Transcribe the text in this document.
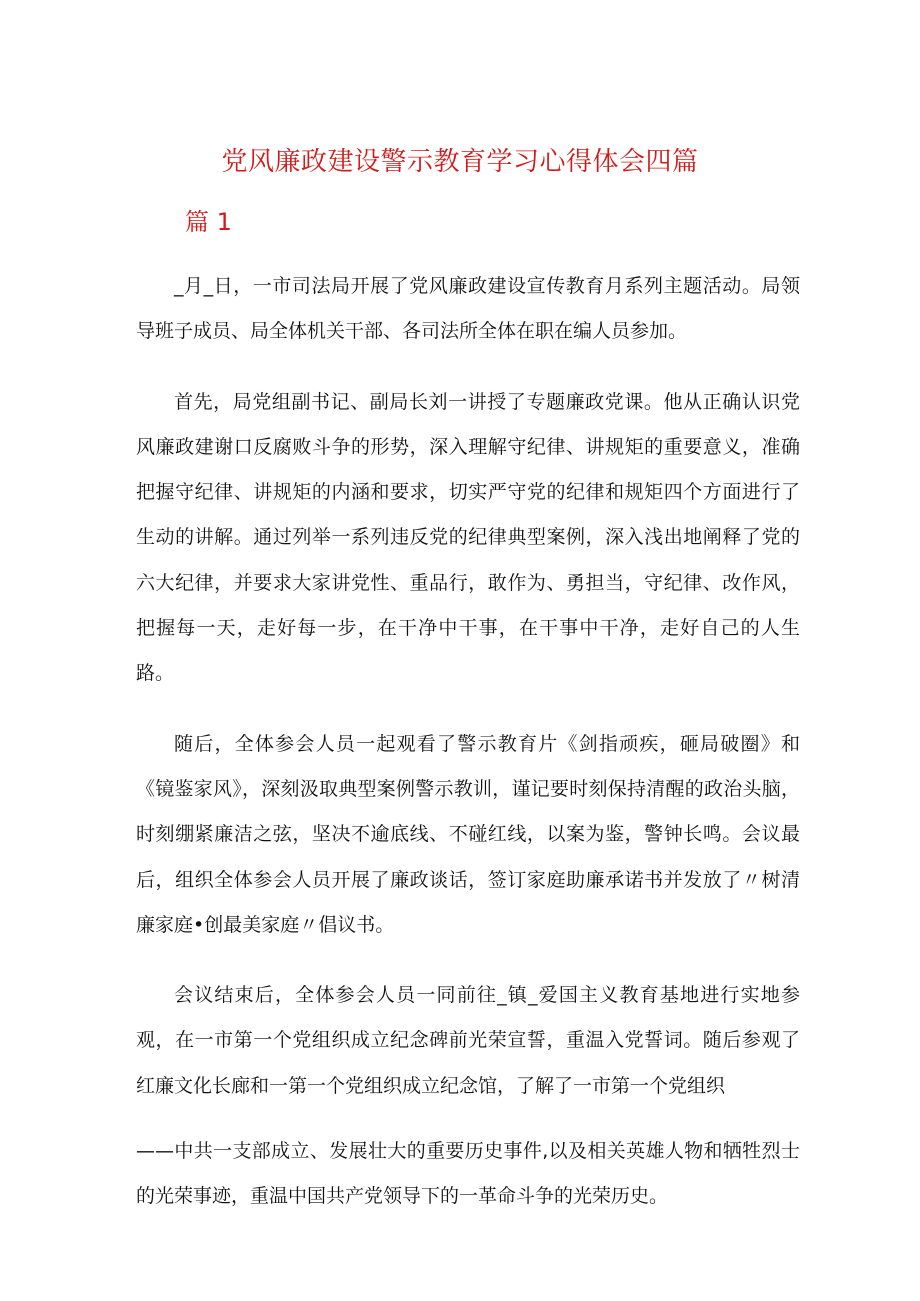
党风廉政建设警示教育学习心得体会四篇
篇 1

_月_日，一市司法局开展了党风廉政建设宣传教育月系列主题活动。局领导班子成员、局全体机关干部、各司法所全体在职在编人员参加。

首先，局党组副书记、副局长刘一讲授了专题廉政党课。他从正确认识党风廉政建谢口反腐败斗争的形势，深入理解守纪律、讲规矩的重要意义，准确把握守纪律、讲规矩的内涵和要求，切实严守党的纪律和规矩四个方面进行了生动的讲解。通过列举一系列违反党的纪律典型案例，深入浅出地阐释了党的六大纪律，并要求大家讲党性、重品行，敢作为、勇担当，守纪律、改作风，把握每一天，走好每一步，在干净中干事，在干事中干净，走好自己的人生路。

随后，全体参会人员一起观看了警示教育片《剑指顽疾，砸局破圈》和《镜鉴家风》，深刻汲取典型案例警示教训，谨记要时刻保持清醒的政治头脑，时刻绷紧廉洁之弦，坚决不逾底线、不碰红线，以案为鉴，警钟长鸣。会议最后，组织全体参会人员开展了廉政谈话，签订家庭助廉承诺书并发放了〃树清廉家庭•创最美家庭〃倡议书。

会议结束后，全体参会人员一同前往_镇_爱国主义教育基地进行实地参观，在一市第一个党组织成立纪念碑前光荣宣誓，重温入党誓词。随后参观了红廉文化长廊和一第一个党组织成立纪念馆，了解了一市第一个党组织

——中共一支部成立、发展壮大的重要历史事件,以及相关英雄人物和牺牲烈士的光荣事迹，重温中国共产党领导下的一革命斗争的光荣历史。
